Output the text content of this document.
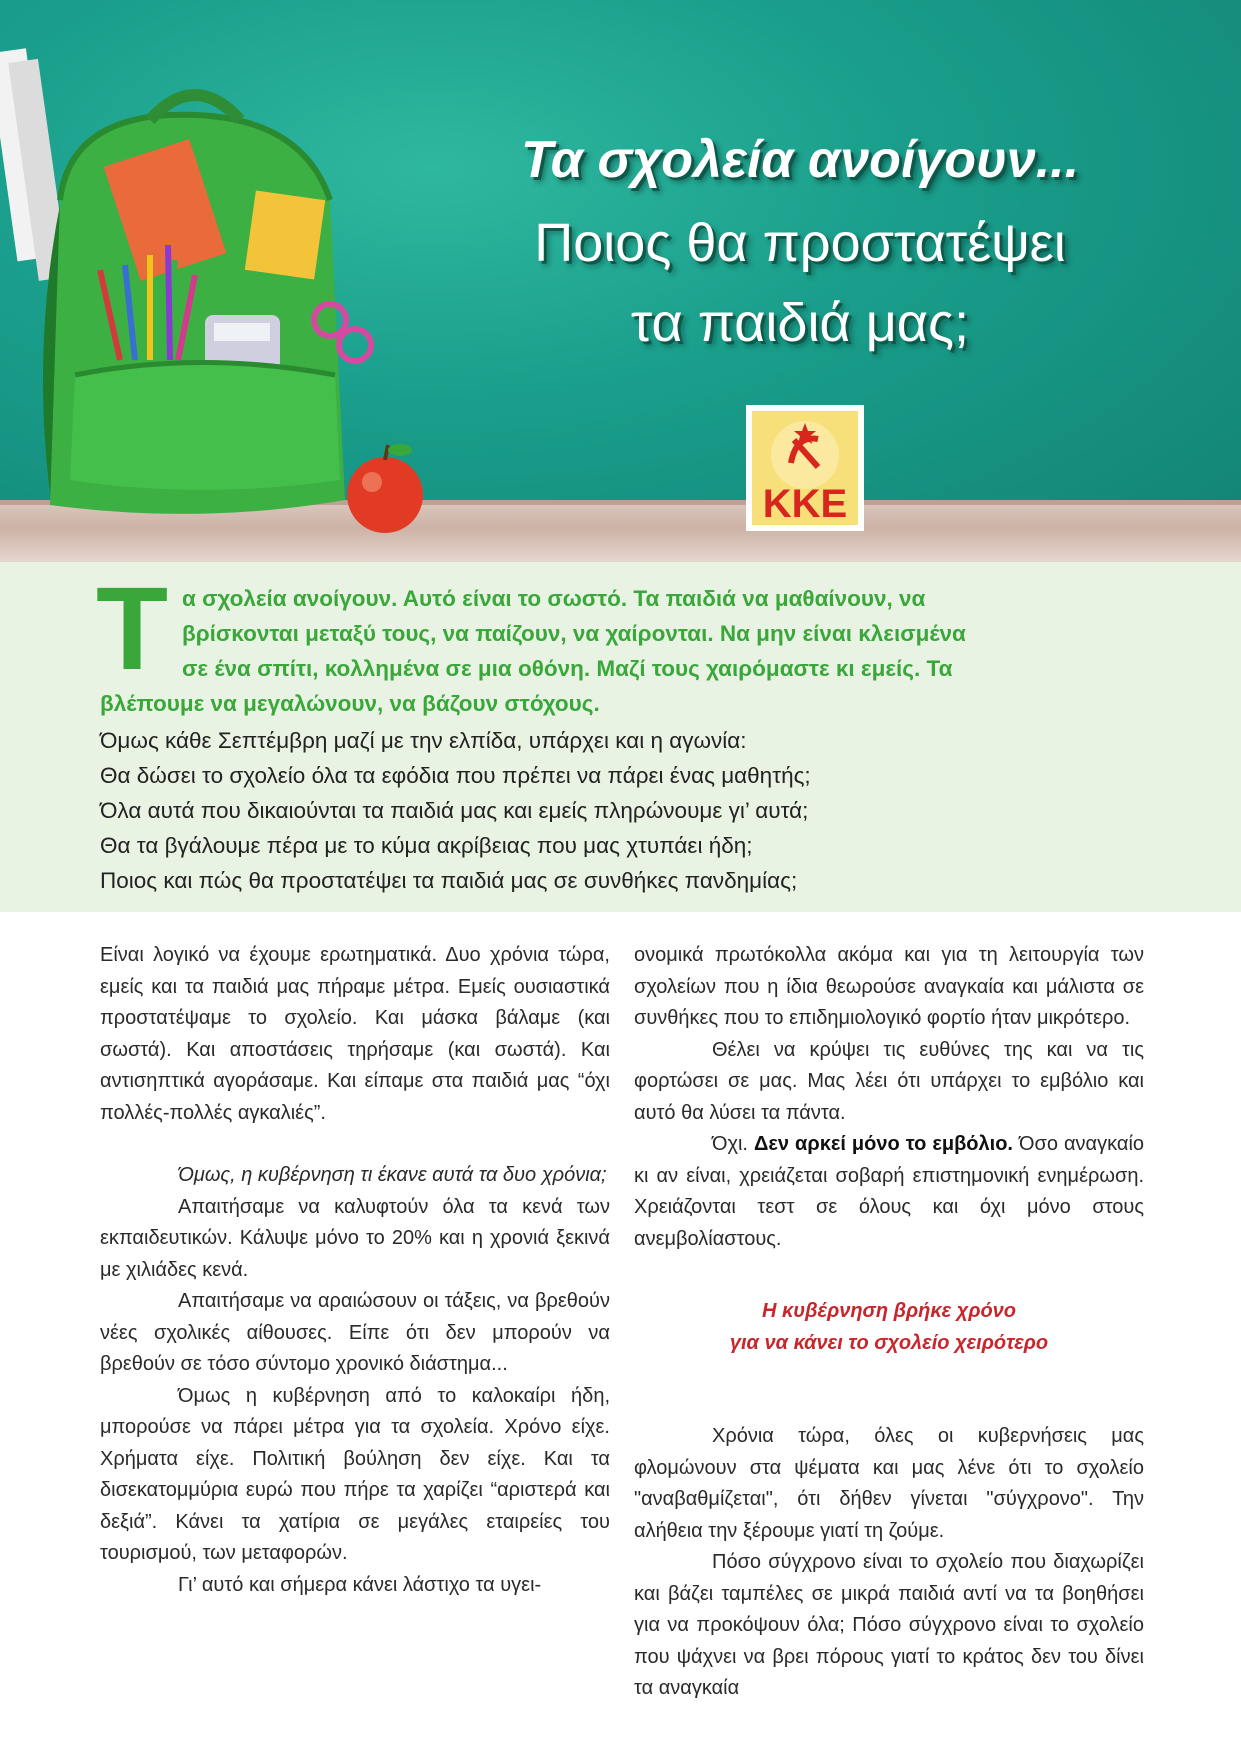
Τα σχολεία ανοίγουν...
Ποιος θα προστατέψει
τα παιδιά μας;
ΚΚΕ
Τ α σχολεία ανοίγουν. Αυτό είναι το σωστό. Τα παιδιά να μαθαίνουν, να
βρίσκονται μεταξύ τους, να παίζουν, να χαίρονται. Να μην είναι κλεισμένα
σε ένα σπίτι, κολλημένα σε μια οθόνη. Μαζί τους χαιρόμαστε κι εμείς. Τα
βλέπουμε να μεγαλώνουν, να βάζουν στόχους.
Όμως κάθε Σεπτέμβρη μαζί με την ελπίδα, υπάρχει και η αγωνία:
Θα δώσει το σχολείο όλα τα εφόδια που πρέπει να πάρει ένας μαθητής;
Όλα αυτά που δικαιούνται τα παιδιά μας και εμείς πληρώνουμε γι’ αυτά;
Θα τα βγάλουμε πέρα με το κύμα ακρίβειας που μας χτυπάει ήδη;
Ποιος και πώς θα προστατέψει τα παιδιά μας σε συνθήκες πανδημίας;

Είναι λογικό να έχουμε ερωτηματικά. Δυο χρόνια τώρα, εμείς και τα παιδιά μας πήραμε μέτρα. Εμείς ουσιαστικά προστατέψαμε το σχολείο. Και μάσκα βάλαμε (και σωστά). Και αποστάσεις τηρήσαμε (και σωστά). Και αντισηπτικά αγοράσαμε. Και είπαμε στα παιδιά μας “όχι πολλές-πολλές αγκαλιές”.

Όμως, η κυβέρνηση τι έκανε αυτά τα δυο χρόνια;

Απαιτήσαμε να καλυφτούν όλα τα κενά των εκπαιδευτικών. Κάλυψε μόνο το 20% και η χρονιά ξεκινά με χιλιάδες κενά.

Απαιτήσαμε να αραιώσουν οι τάξεις, να βρεθούν νέες σχολικές αίθουσες. Είπε ότι δεν μπορούν να βρεθούν σε τόσο σύντομο χρονικό διάστημα...

Όμως η κυβέρνηση από το καλοκαίρι ήδη, μπορούσε να πάρει μέτρα για τα σχολεία. Χρόνο είχε. Χρήματα είχε. Πολιτική βούληση δεν είχε. Και τα δισεκατομμύρια ευρώ που πήρε τα χαρίζει “αριστερά και δεξιά”. Κάνει τα χατίρια σε μεγάλες εταιρείες του τουρισμού, των μεταφορών.

Γι’ αυτό και σήμερα κάνει λάστιχο τα υγει-

ονομικά πρωτόκολλα ακόμα και για τη λειτουργία των σχολείων που η ίδια θεωρούσε αναγκαία και μάλιστα σε συνθήκες που το επιδημιολογικό φορτίο ήταν μικρότερο.

Θέλει να κρύψει τις ευθύνες της και να τις φορτώσει σε μας. Μας λέει ότι υπάρχει το εμβόλιο και αυτό θα λύσει τα πάντα.

Όχι. Δεν αρκεί μόνο το εμβόλιο. Όσο αναγκαίο κι αν είναι, χρειάζεται σοβαρή επιστημονική ενημέρωση. Χρειάζονται τεστ σε όλους και όχι μόνο στους ανεμβολίαστους.

Η κυβέρνηση βρήκε χρόνο

για να κάνει το σχολείο χειρότερο

Χρόνια τώρα, όλες οι κυβερνήσεις μας φλομώνουν στα ψέματα και μας λένε ότι το σχολείο "αναβαθμίζεται", ότι δήθεν γίνεται "σύγχρονο". Την αλήθεια την ξέρουμε γιατί τη ζούμε.

Πόσο σύγχρονο είναι το σχολείο που διαχωρίζει και βάζει ταμπέλες σε μικρά παιδιά αντί να τα βοηθήσει για να προκόψουν όλα; Πόσο σύγχρονο είναι το σχολείο που ψάχνει να βρει πόρους γιατί το κράτος δεν του δίνει τα αναγκαία
